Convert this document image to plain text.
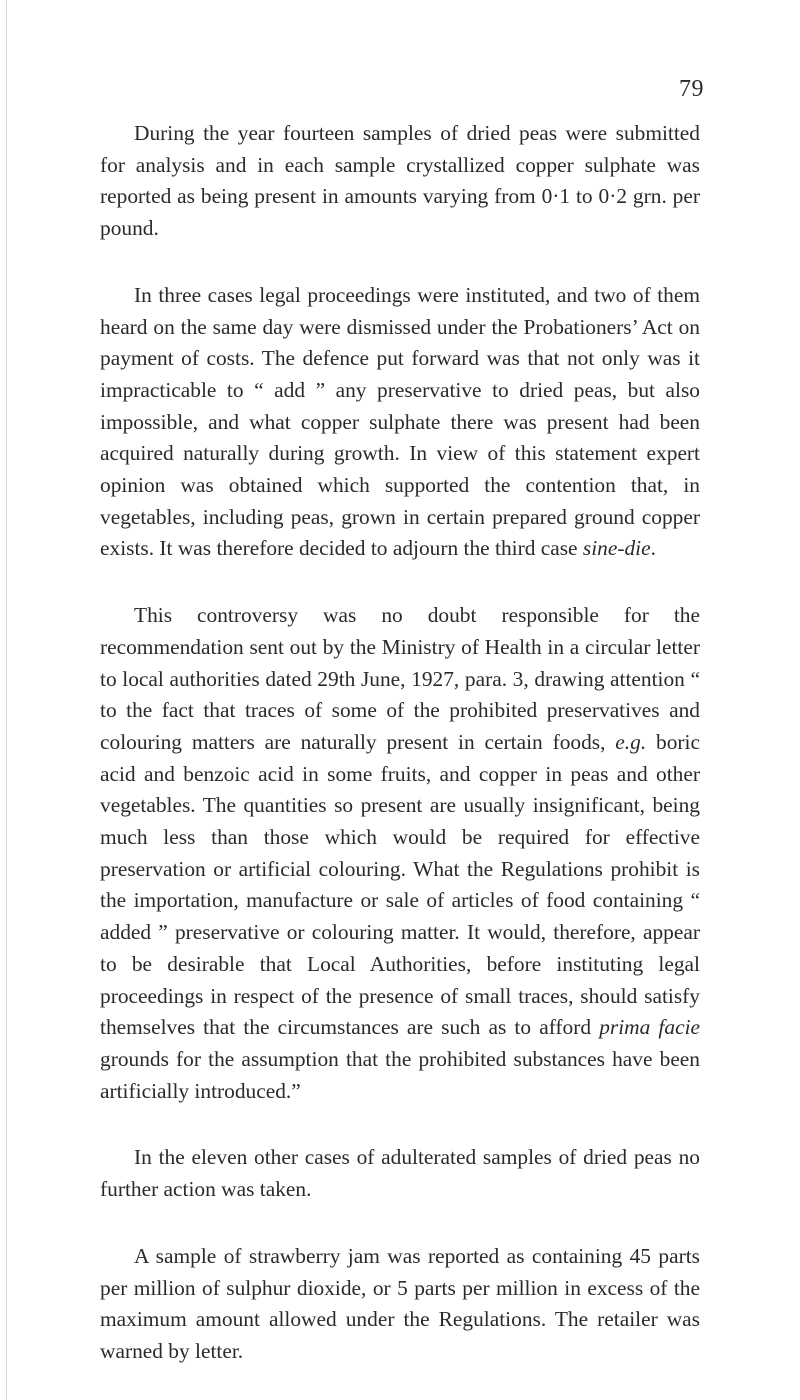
79

During the year fourteen samples of dried peas were submitted for analysis and in each sample crystallized copper sulphate was reported as being present in amounts varying from 0·1 to 0·2 grn. per pound.

In three cases legal proceedings were instituted, and two of them heard on the same day were dismissed under the Probationers’ Act on payment of costs. The defence put forward was that not only was it impracticable to “ add ” any preservative to dried peas, but also impossible, and what copper sulphate there was present had been acquired naturally during growth. In view of this statement expert opinion was obtained which supported the contention that, in vegetables, including peas, grown in certain prepared ground copper exists. It was therefore decided to adjourn the third case sine-die.

This controversy was no doubt responsible for the recommendation sent out by the Ministry of Health in a circular letter to local authorities dated 29th June, 1927, para. 3, drawing attention “ to the fact that traces of some of the prohibited preservatives and colouring matters are naturally present in certain foods, e.g. boric acid and benzoic acid in some fruits, and copper in peas and other vegetables. The quantities so present are usually insignificant, being much less than those which would be required for effective preservation or artificial colouring. What the Regulations prohibit is the importation, manufacture or sale of articles of food containing “ added ” preservative or colouring matter. It would, therefore, appear to be desirable that Local Authorities, before instituting legal proceedings in respect of the presence of small traces, should satisfy themselves that the circumstances are such as to afford prima facie grounds for the assumption that the prohibited substances have been artificially introduced.”

In the eleven other cases of adulterated samples of dried peas no further action was taken.

A sample of strawberry jam was reported as containing 45 parts per million of sulphur dioxide, or 5 parts per million in excess of the maximum amount allowed under the Regulations. The retailer was warned by letter.
